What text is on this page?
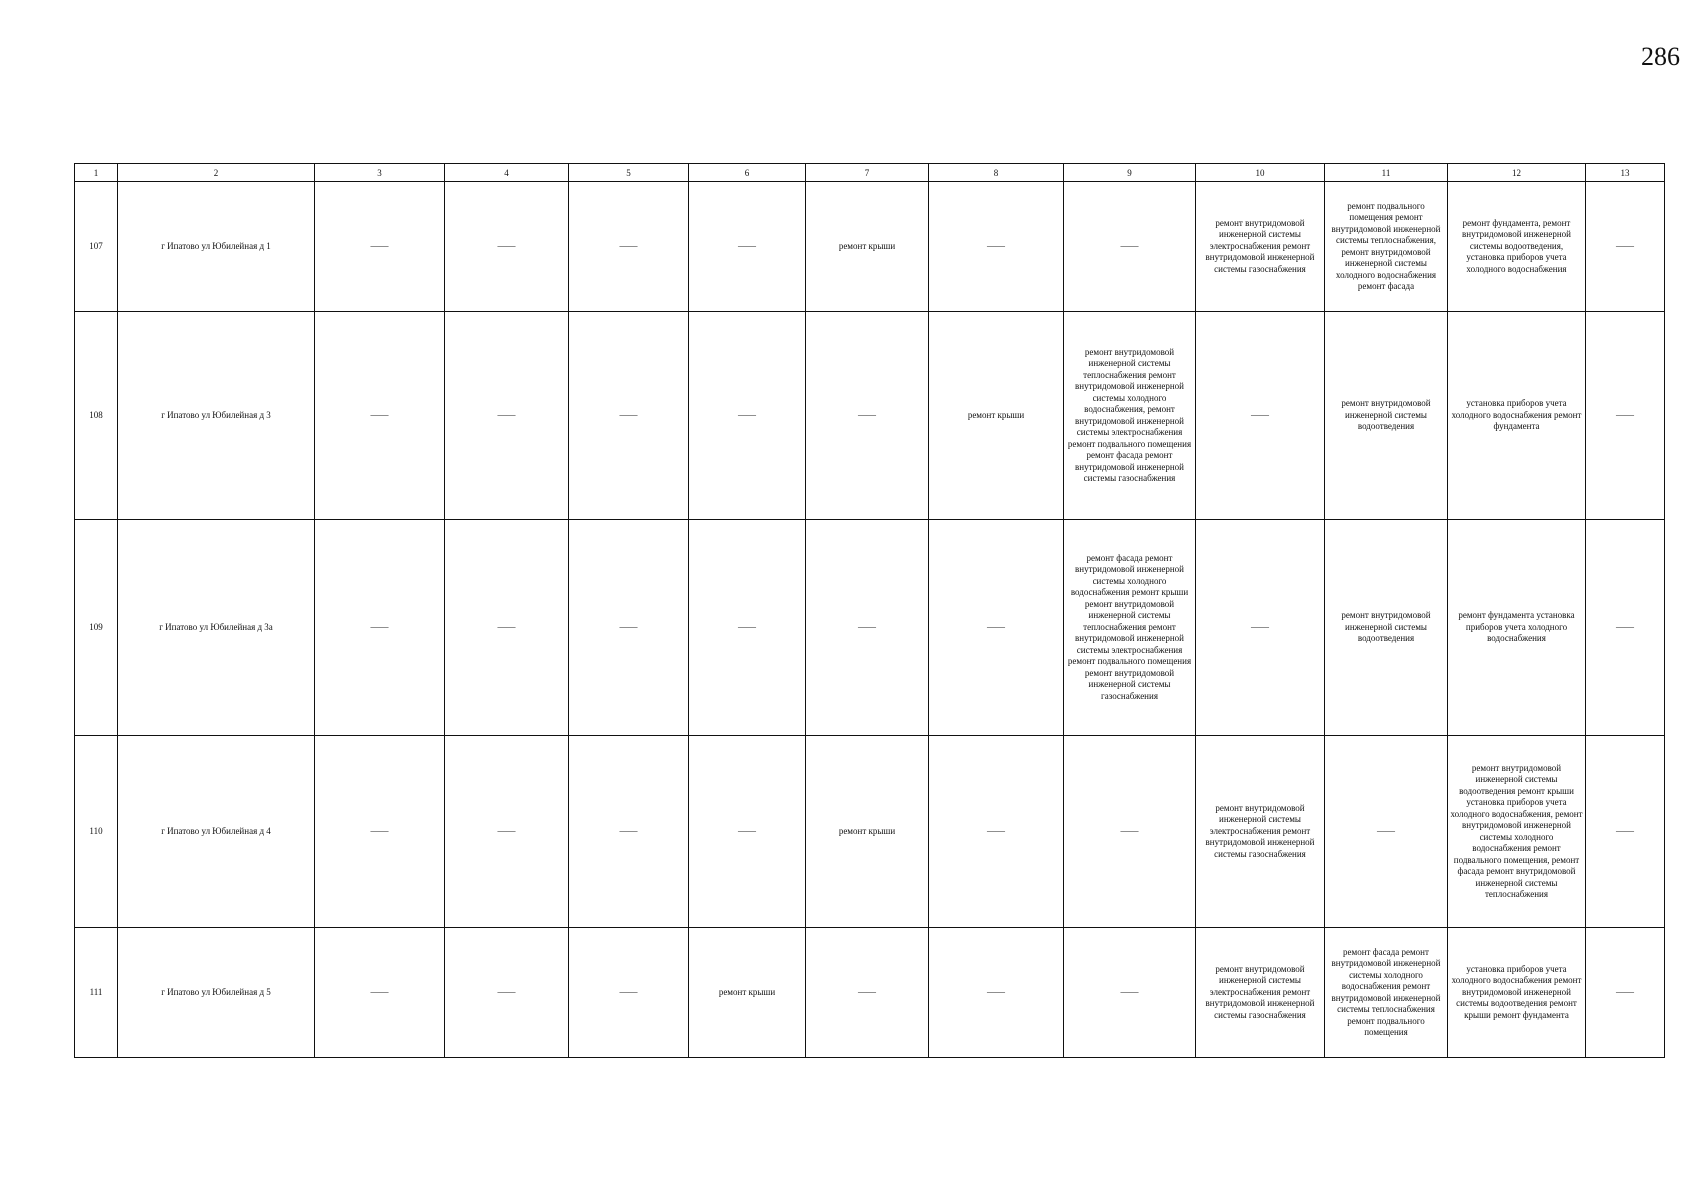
286
1	2	3	4	5	6	7	8	9	10	11	12	13
107	г Ипатово ул Юбилейная д 1	——	——	——	——	ремонт крыши	——	——	ремонт внутридомовой инженерной системы электроснабжения ремонт внутридомовой инженерной системы газоснабжения	ремонт подвального помещения ремонт внутридомовой инженерной системы теплоснабжения, ремонт внутридомовой инженерной системы холодного водоснабжения ремонт фасада	ремонт фундамента, ремонт внутридомовой инженерной системы водоотведения, установка приборов учета холодного водоснабжения	——
108	г Ипатово ул Юбилейная д 3	——	——	——	——	——	ремонт крыши	ремонт внутридомовой инженерной системы теплоснабжения ремонт внутридомовой инженерной системы холодного водоснабжения, ремонт внутридомовой инженерной системы электроснабжения ремонт подвального помещения ремонт фасада ремонт внутридомовой инженерной системы газоснабжения	——	ремонт внутридомовой инженерной системы водоотведения	установка приборов учета холодного водоснабжения ремонт фундамента	——
109	г Ипатово ул Юбилейная д 3а	——	——	——	——	——	——	ремонт фасада ремонт внутридомовой инженерной системы холодного водоснабжения ремонт крыши ремонт внутридомовой инженерной системы теплоснабжения ремонт внутридомовой инженерной системы электроснабжения ремонт подвального помещения ремонт внутридомовой инженерной системы газоснабжения	——	ремонт внутридомовой инженерной системы водоотведения	ремонт фундамента установка приборов учета холодного водоснабжения	——
110	г Ипатово ул Юбилейная д 4	——	——	——	——	ремонт крыши	——	——	ремонт внутридомовой инженерной системы электроснабжения ремонт внутридомовой инженерной системы газоснабжения	——	ремонт внутридомовой инженерной системы водоотведения ремонт крыши установка приборов учета холодного водоснабжения, ремонт внутридомовой инженерной системы холодного водоснабжения ремонт подвального помещения, ремонт фасада ремонт внутридомовой инженерной системы теплоснабжения	——
111	г Ипатово ул Юбилейная д 5	——	——	——	ремонт крыши	——	——	——	ремонт внутридомовой инженерной системы электроснабжения ремонт внутридомовой инженерной системы газоснабжения	ремонт фасада ремонт внутридомовой инженерной системы холодного водоснабжения ремонт внутридомовой инженерной системы теплоснабжения ремонт подвального помещения	установка приборов учета холодного водоснабжения ремонт внутридомовой инженерной системы водоотведения ремонт крыши ремонт фундамента	——
